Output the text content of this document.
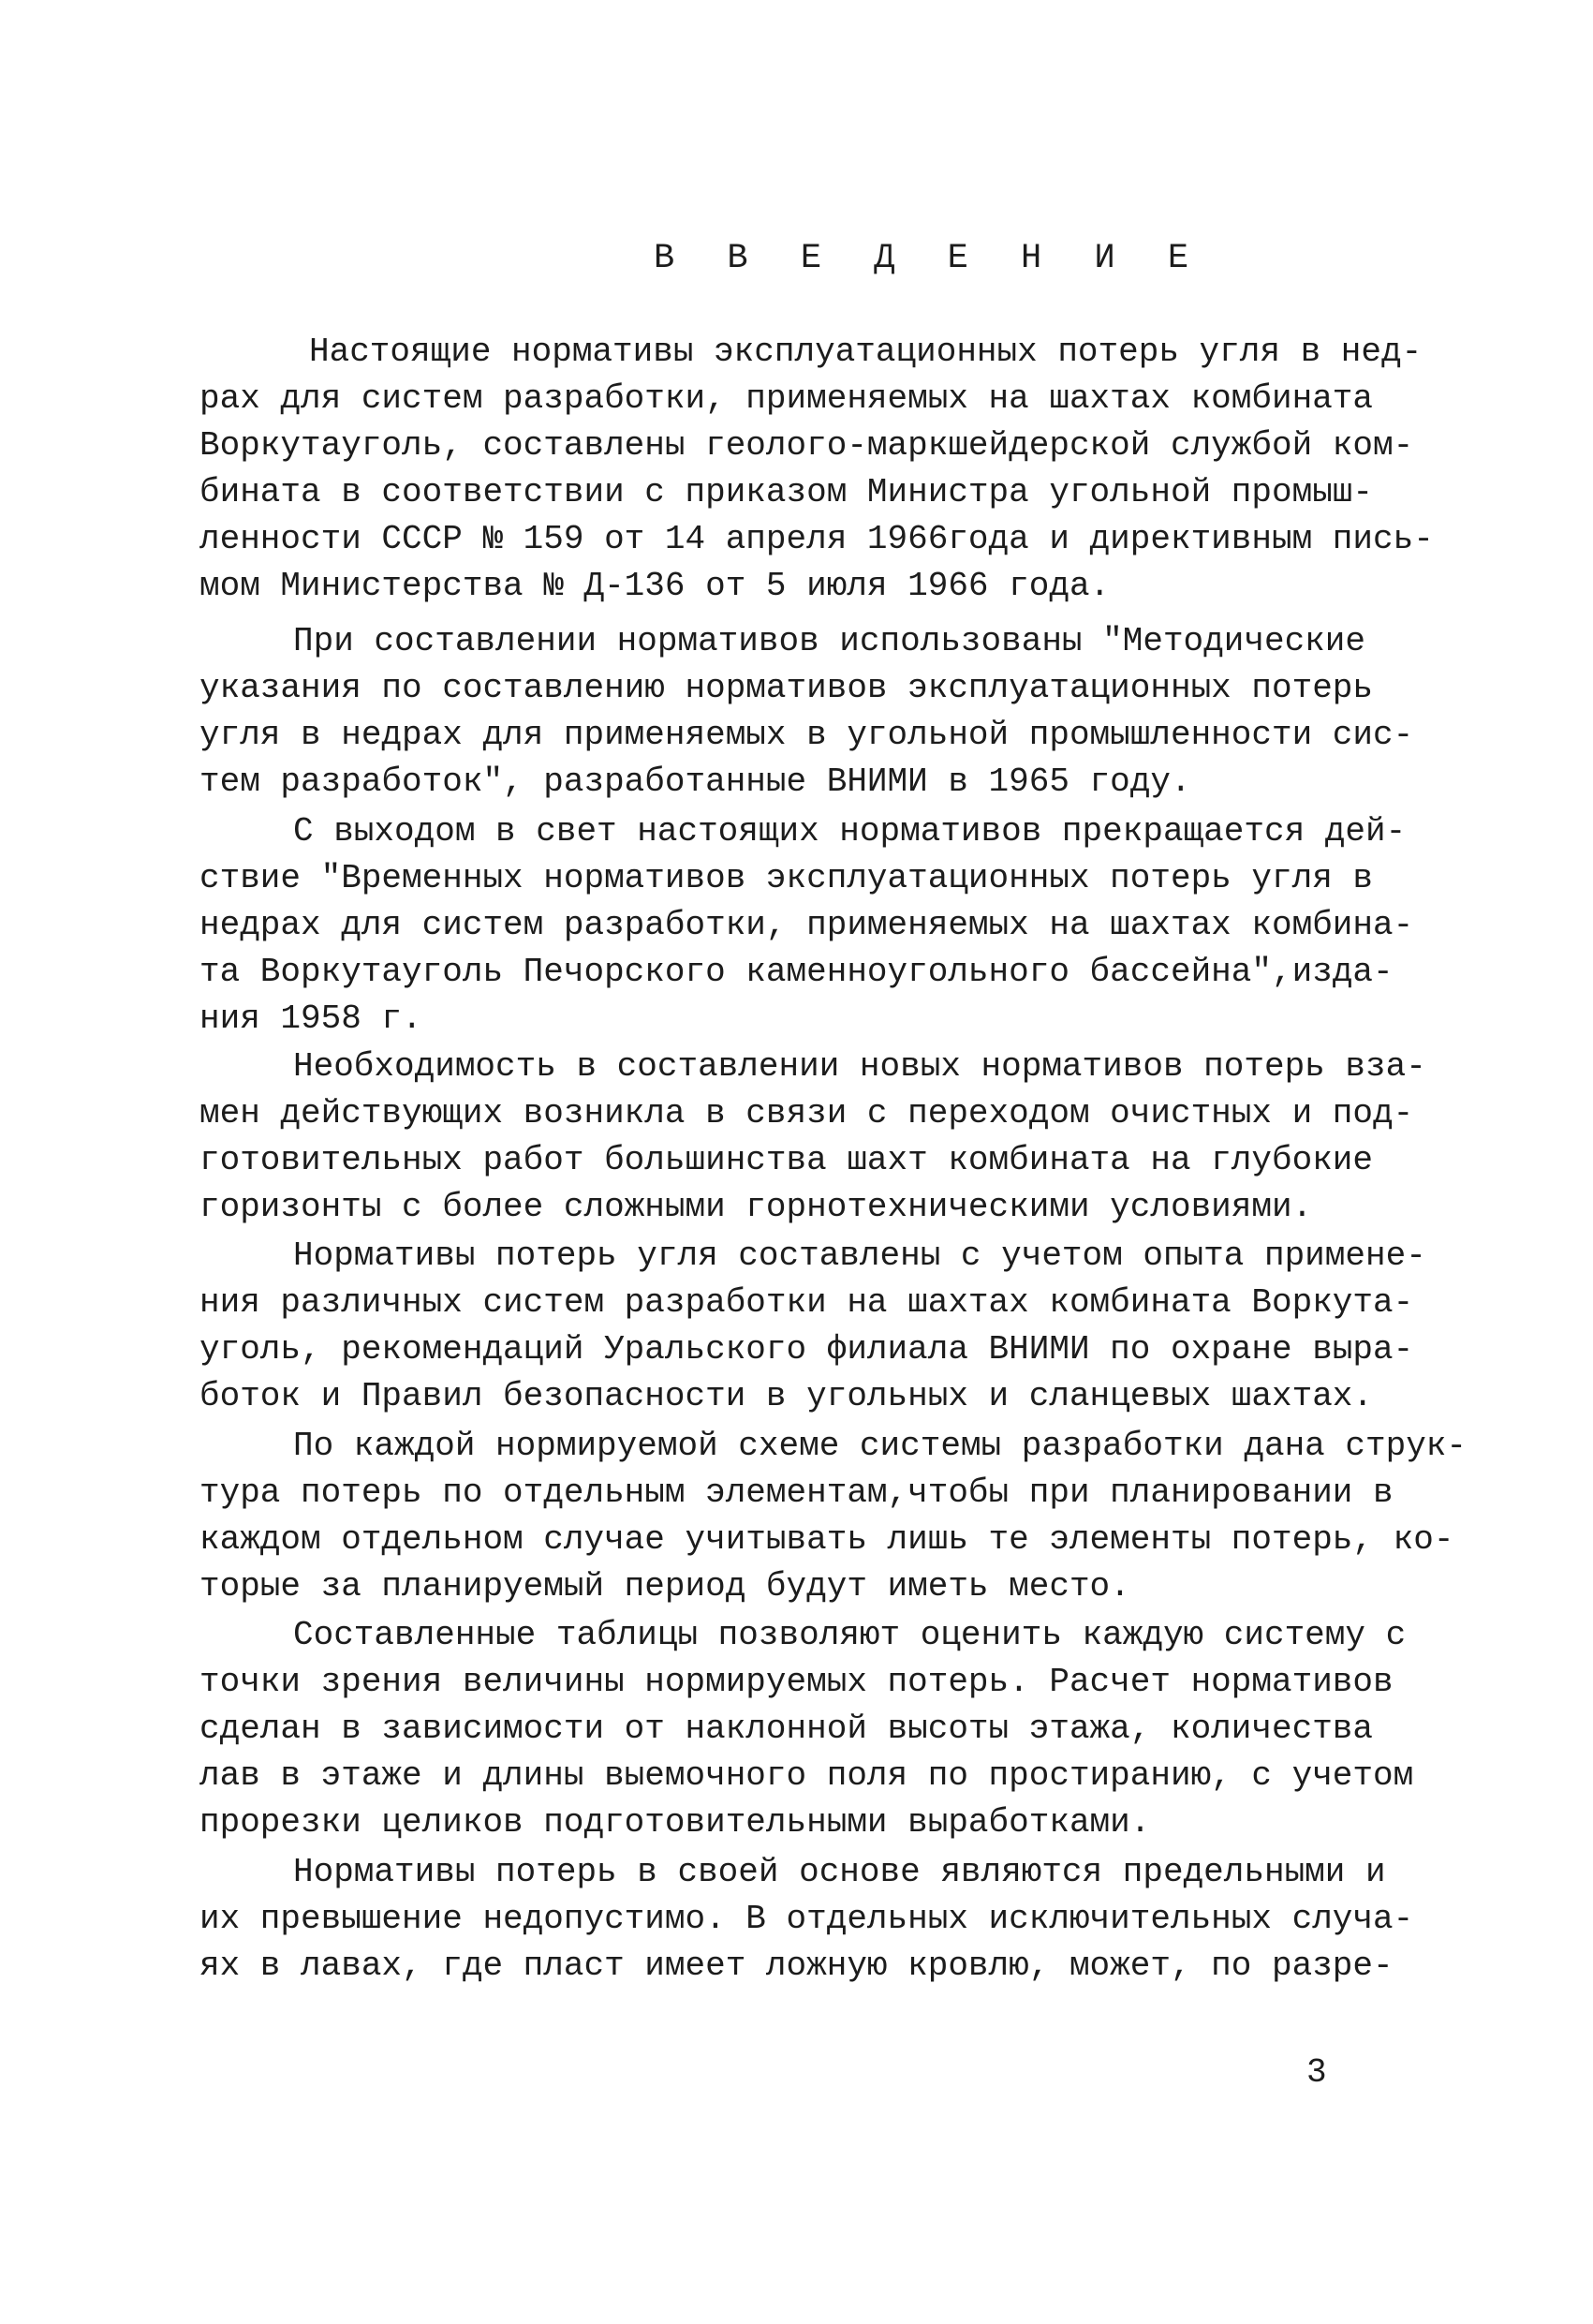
В В Е Д Е Н И Е
Настоящие нормативы эксплуатационных потерь угля в нед-
рах для систем разработки, применяемых на шахтах комбината
Воркутауголь, составлены геолого-маркшейдерской службой ком-
бината в соответствии с приказом Министра угольной промыш-
ленности СССР № 159 от 14 апреля 1966года и директивным пись-
мом Министерства № Д-136 от 5 июля 1966 года.
При составлении нормативов использованы "Методические
указания по составлению нормативов эксплуатационных потерь
угля в недрах для применяемых в угольной промышленности сис-
тем разработок", разработанные ВНИМИ в 1965 году.
С выходом в свет настоящих нормативов прекращается дей-
ствие "Временных нормативов эксплуатационных потерь угля в
недрах для систем разработки, применяемых на шахтах комбина-
та Воркутауголь Печорского каменноугольного бассейна",изда-
ния 1958 г.
Необходимость в составлении новых нормативов потерь вза-
мен действующих возникла в связи с переходом очистных и под-
готовительных работ большинства шахт комбината на глубокие
горизонты с более сложными горнотехническими условиями.
Нормативы потерь угля составлены с учетом опыта примене-
ния различных систем разработки на шахтах комбината Воркута-
уголь, рекомендаций Уральского филиала ВНИМИ по охране выра-
боток и Правил безопасности в угольных и сланцевых шахтах.
По каждой нормируемой схеме системы разработки дана струк-
тура потерь по отдельным элементам,чтобы при планировании в
каждом отдельном случае учитывать лишь те элементы потерь, ко-
торые за планируемый период будут иметь место.
Составленные таблицы позволяют оценить каждую систему с
точки зрения величины нормируемых потерь. Расчет нормативов
сделан в зависимости от наклонной высоты этажа, количества
лав в этаже и длины выемочного поля по простиранию, с учетом
прорезки целиков подготовительными выработками.
Нормативы потерь в своей основе являются предельными и
их превышение недопустимо. В отдельных исключительных случа-
ях в лавах, где пласт имеет ложную кровлю, может, по разре-
3
